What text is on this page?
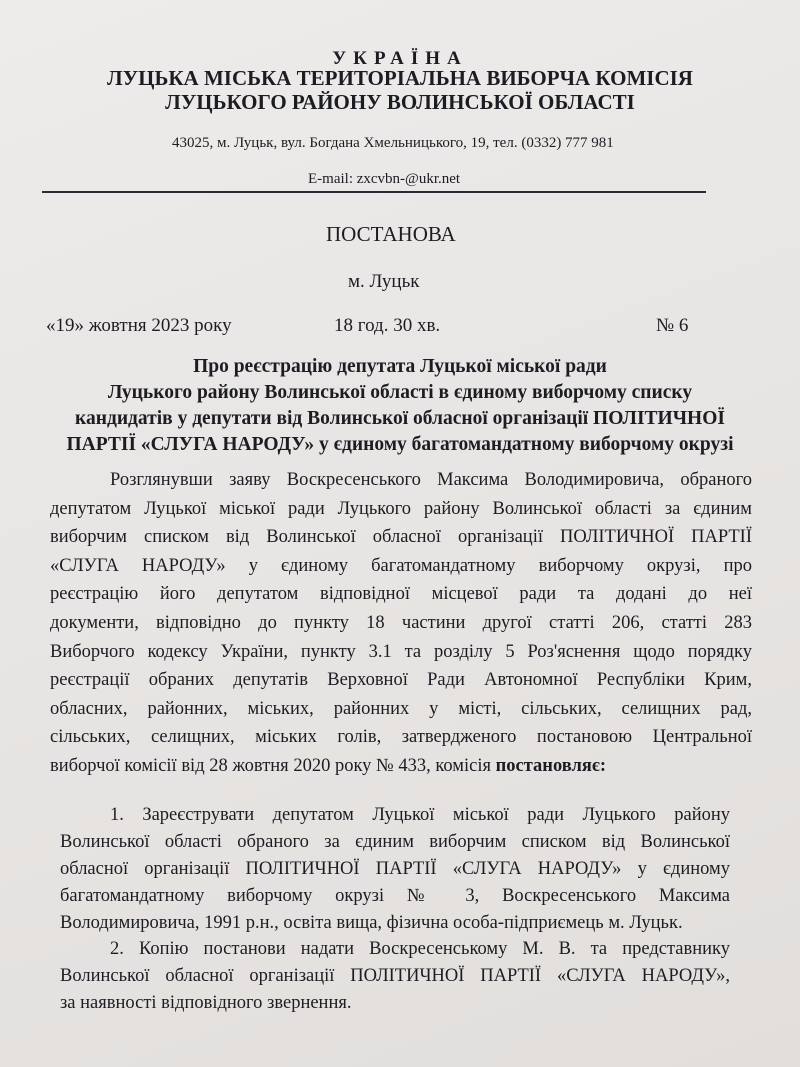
УКРАЇНА
ЛУЦЬКА МІСЬКА ТЕРИТОРІАЛЬНА ВИБОРЧА КОМІСІЯ
ЛУЦЬКОГО РАЙОНУ ВОЛИНСЬКОЇ ОБЛАСТІ
43025, м. Луцьк, вул. Богдана Хмельницького, 19, тел. (0332) 777 981
E-mail: zxcvbn-@ukr.net
ПОСТАНОВА
м. Луцьк
«19» жовтня 2023 року	18 год. 30 хв.	№ 6
Про реєстрацію депутата Луцької міської ради
Луцького району Волинської області в єдиному виборчому списку
кандидатів у депутати від Волинської обласної організації ПОЛІТИЧНОЇ
ПАРТІЇ «СЛУГА НАРОДУ» у єдиному багатомандатному виборчому окрузі
Розглянувши заяву Воскресенського Максима Володимировича, обраного
депутатом Луцької міської ради Луцького району Волинської області за єдиним
виборчим списком від Волинської обласної організації ПОЛІТИЧНОЇ ПАРТІЇ
«СЛУГА НАРОДУ» у єдиному багатомандатному виборчому окрузі, про
реєстрацію його депутатом відповідної місцевої ради та додані до неї
документи, відповідно до пункту 18 частини другої статті 206, статті 283
Виборчого кодексу України, пункту 3.1 та розділу 5 Роз'яснення щодо порядку
реєстрації обраних депутатів Верховної Ради Автономної Республіки Крим,
обласних, районних, міських, районних у місті, сільських, селищних рад,
сільських, селищних, міських голів, затвердженого постановою Центральної
виборчої комісії від 28 жовтня 2020 року № 433, комісія постановляє:
1. Зареєструвати депутатом Луцької міської ради Луцького району
Волинської області обраного за єдиним виборчим списком від Волинської
обласної організації ПОЛІТИЧНОЇ ПАРТІЇ «СЛУГА НАРОДУ» у єдиному
багатомандатному виборчому окрузі № 3, Воскресенського Максима
Володимировича, 1991 р.н., освіта вища, фізична особа-підприємець м. Луцьк.
2. Копію постанови надати Воскресенському М. В. та представнику
Волинської обласної організації ПОЛІТИЧНОЇ ПАРТІЇ «СЛУГА НАРОДУ»,
за наявності відповідного звернення.
